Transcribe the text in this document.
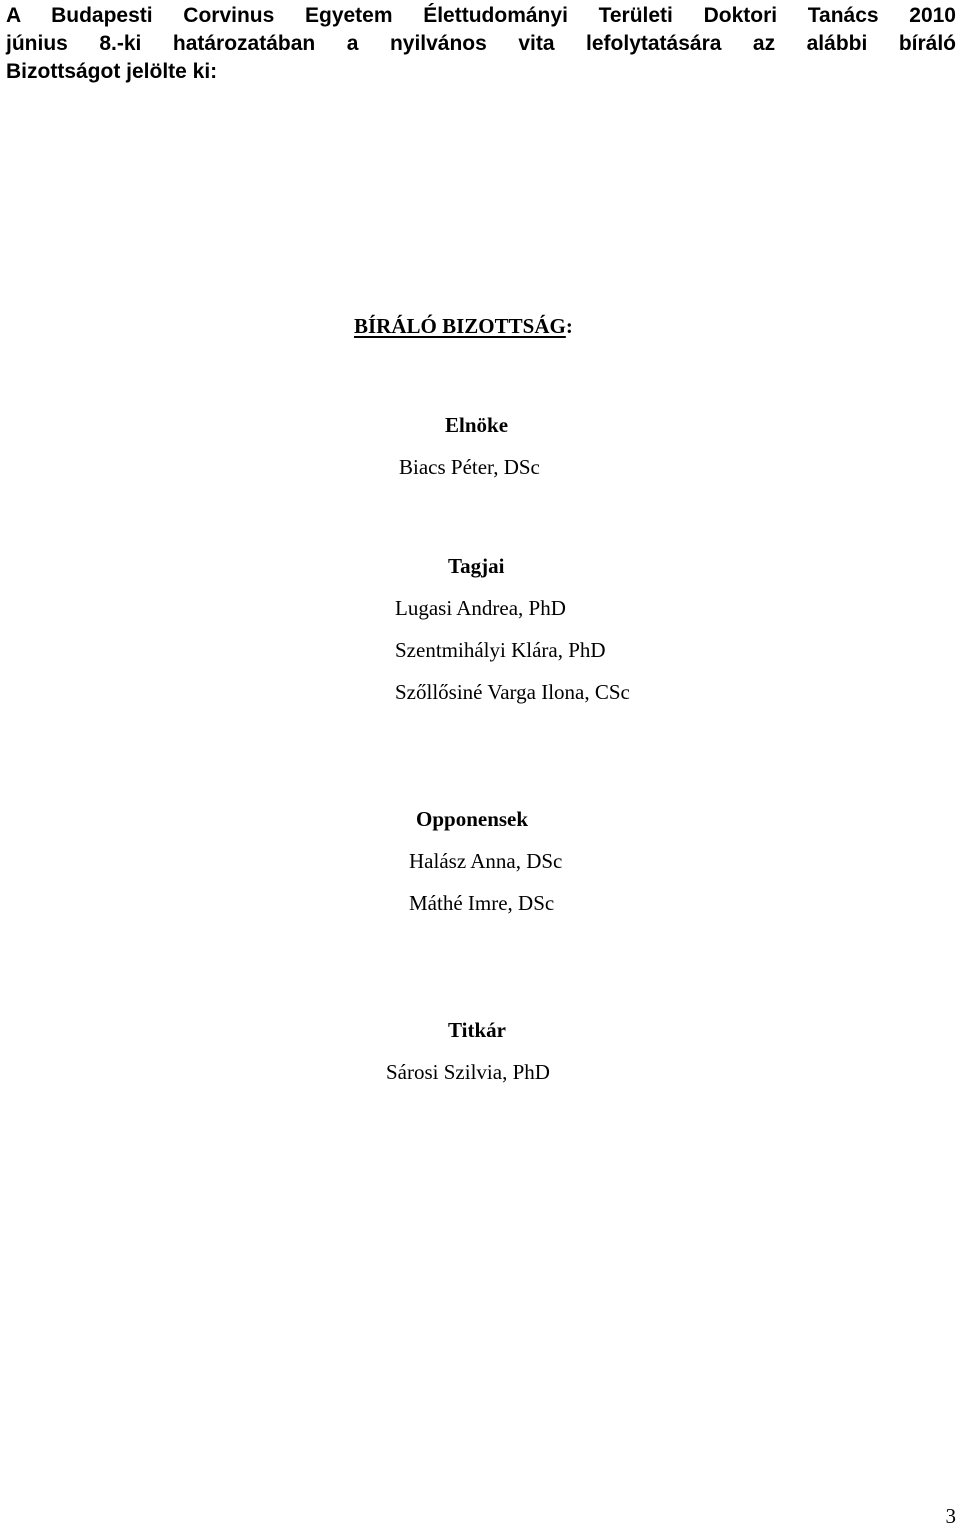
A Budapesti Corvinus Egyetem Élettudományi Területi Doktori Tanács 2010
június 8.-ki határozatában a nyilvános vita lefolytatására az alábbi bíráló
Bizottságot jelölte ki:
BÍRÁLÓ BIZOTTSÁG:
Elnöke
Biacs Péter, DSc
Tagjai
Lugasi Andrea, PhD
Szentmihályi Klára, PhD
Szőllősiné Varga Ilona, CSc
Opponensek
Halász Anna, DSc
Máthé Imre, DSc
Titkár
Sárosi Szilvia, PhD
3
